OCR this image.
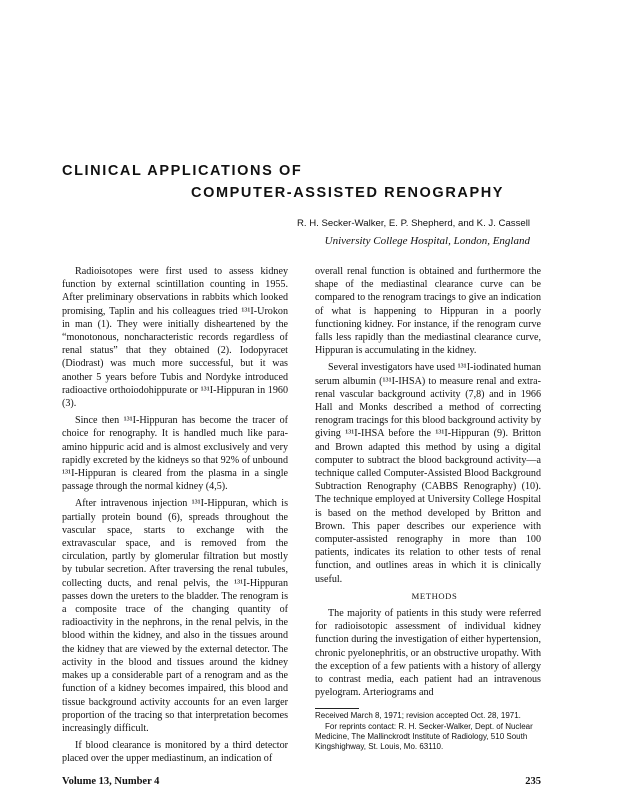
CLINICAL APPLICATIONS OF
COMPUTER-ASSISTED RENOGRAPHY
R. H. Secker-Walker, E. P. Shepherd, and K. J. Cassell
University College Hospital, London, England

Radioisotopes were first used to assess kidney function by external scintillation counting in 1955. After preliminary observations in rabbits which looked promising, Taplin and his colleagues tried ¹³¹I-Urokon in man (1). They were initially disheartened by the “monotonous, noncharacteristic records regardless of renal status” that they obtained (2). Iodopyracet (Diodrast) was much more successful, but it was another 5 years before Tubis and Nordyke introduced radioactive orthoiodohippurate or ¹³¹I-Hippuran in 1960 (3).

Since then ¹³¹I-Hippuran has become the tracer of choice for renography. It is handled much like para-amino hippuric acid and is almost exclusively and very rapidly excreted by the kidneys so that 92% of unbound ¹³¹I-Hippuran is cleared from the plasma in a single passage through the normal kidney (4,5).

After intravenous injection ¹³¹I-Hippuran, which is partially protein bound (6), spreads throughout the vascular space, starts to exchange with the extravascular space, and is removed from the circulation, partly by glomerular filtration but mostly by tubular secretion. After traversing the renal tubules, collecting ducts, and renal pelvis, the ¹³¹I-Hippuran passes down the ureters to the bladder. The renogram is a composite trace of the changing quantity of radioactivity in the nephrons, in the renal pelvis, in the blood within the kidney, and also in the tissues around the kidney that are viewed by the external detector. The activity in the blood and tissues around the kidney makes up a considerable part of a renogram and as the function of a kidney becomes impaired, this blood and tissue background activity accounts for an even larger proportion of the tracing so that interpretation becomes increasingly difficult.

If blood clearance is monitored by a third detector placed over the upper mediastinum, an indication of

overall renal function is obtained and furthermore the shape of the mediastinal clearance curve can be compared to the renogram tracings to give an indication of what is happening to Hippuran in a poorly functioning kidney. For instance, if the renogram curve falls less rapidly than the mediastinal clearance curve, Hippuran is accumulating in the kidney.

Several investigators have used ¹³¹I-iodinated human serum albumin (¹³¹I-IHSA) to measure renal and extra-renal vascular background activity (7,8) and in 1966 Hall and Monks described a method of correcting renogram tracings for this blood background activity by giving ¹³¹I-IHSA before the ¹³¹I-Hippuran (9). Britton and Brown adapted this method by using a digital computer to subtract the blood background activity—a technique called Computer-Assisted Blood Background Subtraction Renography (CABBS Renography) (10). The technique employed at University College Hospital is based on the method developed by Britton and Brown. This paper describes our experience with computer-assisted renography in more than 100 patients, indicates its relation to other tests of renal function, and outlines areas in which it is clinically useful.

METHODS

The majority of patients in this study were referred for radioisotopic assessment of individual kidney function during the investigation of either hypertension, chronic pyelonephritis, or an obstructive uropathy. With the exception of a few patients with a history of allergy to contrast media, each patient had an intravenous pyelogram. Arteriograms and

Received March 8, 1971; revision accepted Oct. 28, 1971.

For reprints contact: R. H. Secker-Walker, Dept. of Nuclear Medicine, The Mallinckrodt Institute of Radiology, 510 South Kingshighway, St. Louis, Mo. 63110.

Volume 13, Number 4	235
